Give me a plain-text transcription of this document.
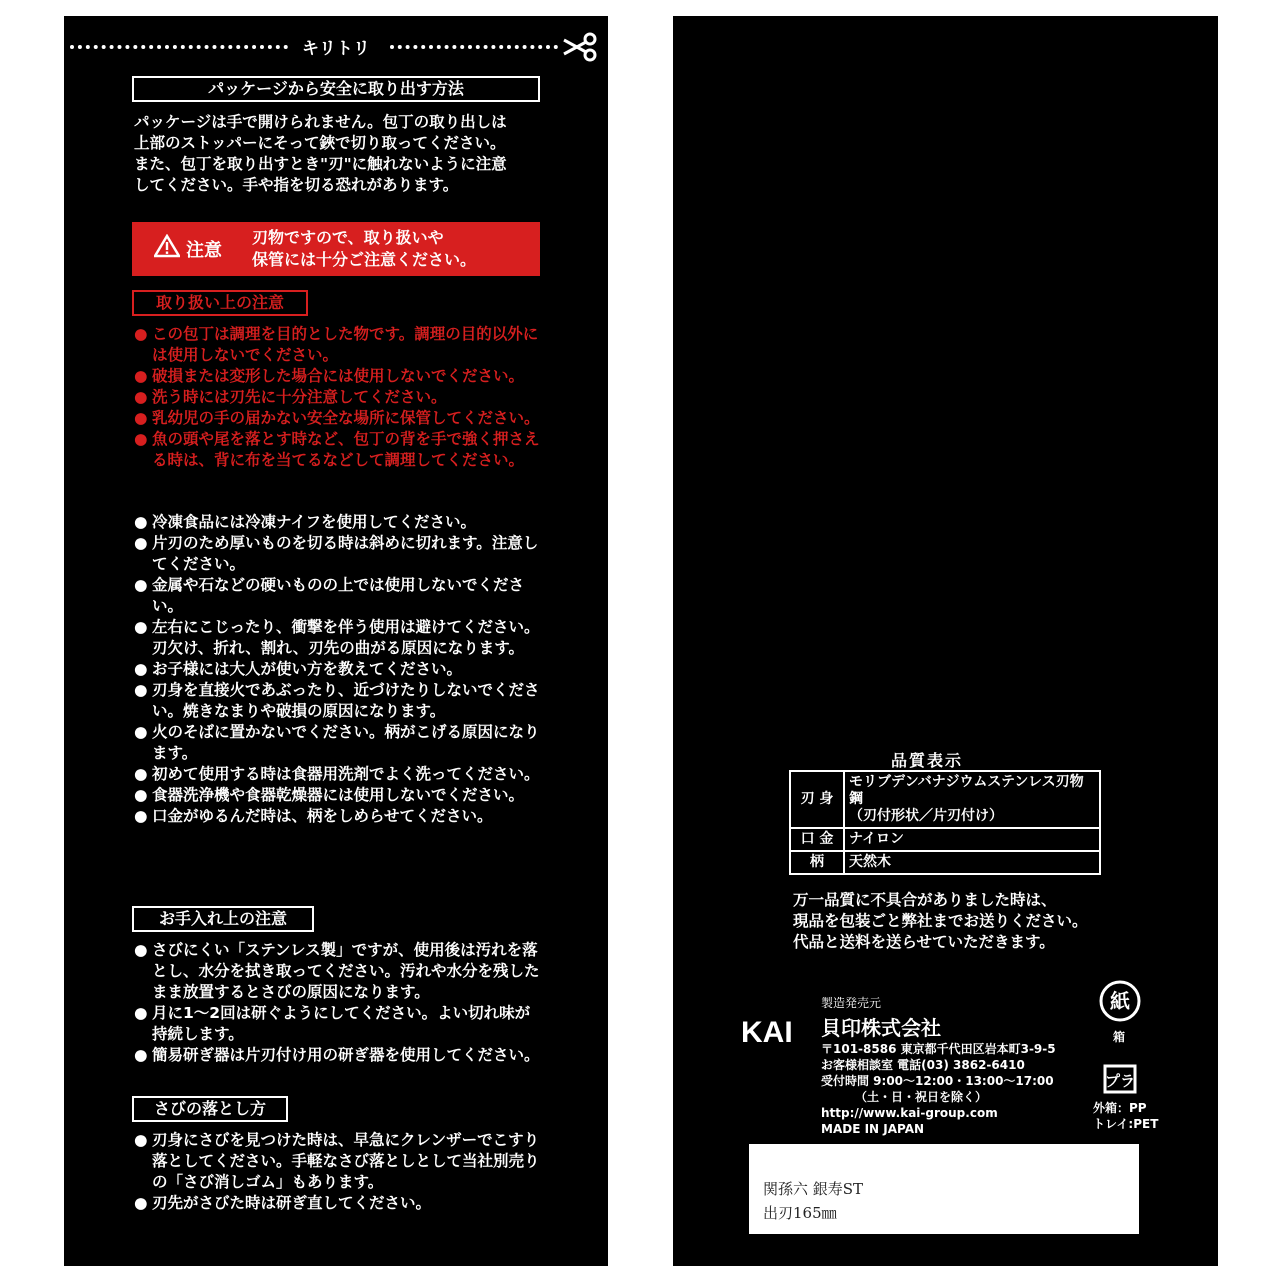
キリトリ
パッケージから安全に取り出す方法
パッケージは手で開けられません。包丁の取り出しは
上部のストッパーにそって鋏で切り取ってください。
また、包丁を取り出すとき"刃"に触れないように注意
してください。手や指を切る恐れがあります。
注意
刃物ですので、取り扱いや
保管には十分ご注意ください。
取り扱い上の注意
● この包丁は調理を目的とした物です。調理の目的以外には使用しないでください。
● 破損または変形した場合には使用しないでください。
● 洗う時には刃先に十分注意してください。
● 乳幼児の手の届かない安全な場所に保管してください。
● 魚の頭や尾を落とす時など、包丁の背を手で強く押さえる時は、背に布を当てるなどして調理してください。
● 冷凍食品には冷凍ナイフを使用してください。
● 片刃のため厚いものを切る時は斜めに切れます。注意してください。
● 金属や石などの硬いものの上では使用しないでください。
● 左右にこじったり、衝撃を伴う使用は避けてください。刃欠け、折れ、割れ、刃先の曲がる原因になります。
● お子様には大人が使い方を教えてください。
● 刃身を直接火であぶったり、近づけたりしないでください。焼きなまりや破損の原因になります。
● 火のそばに置かないでください。柄がこげる原因になります。
● 初めて使用する時は食器用洗剤でよく洗ってください。
● 食器洗浄機や食器乾燥器には使用しないでください。
● 口金がゆるんだ時は、柄をしめらせてください。
お手入れ上の注意
● さびにくい「ステンレス製」ですが、使用後は汚れを落とし、水分を拭き取ってください。汚れや水分を残したまま放置するとさびの原因になります。
● 月に1〜2回は研ぐようにしてください。よい切れ味が持続します。
● 簡易研ぎ器は片刃付け用の研ぎ器を使用してください。
さびの落とし方
● 刃身にさびを見つけた時は、早急にクレンザーでこすり落としてください。手軽なさび落としとして当社別売りの「さび消しゴム」もあります。
● 刃先がさびた時は研ぎ直してください。
品質表示
刃 身	モリブデンバナジウムステンレス刃物鋼
（刃付形状／片刃付け）

口 金	ナイロン
柄	天然木
万一品質に不具合がありました時は、
現品を包装ごと弊社までお送りください。
代品と送料を送らせていただきます。
製造発売元
KAI 貝印株式会社
〒101-8586 東京都千代田区岩本町3-9-5
お客様相談室 電話(03) 3862-6410
受付時間 9:00〜12:00・13:00〜17:00
（土・日・祝日を除く）
http://www.kai-group.com
MADE IN JAPAN
紙
箱
プラ
外箱：PP
トレイ:PET
関孫六 銀寿ST
出刃165㎜
